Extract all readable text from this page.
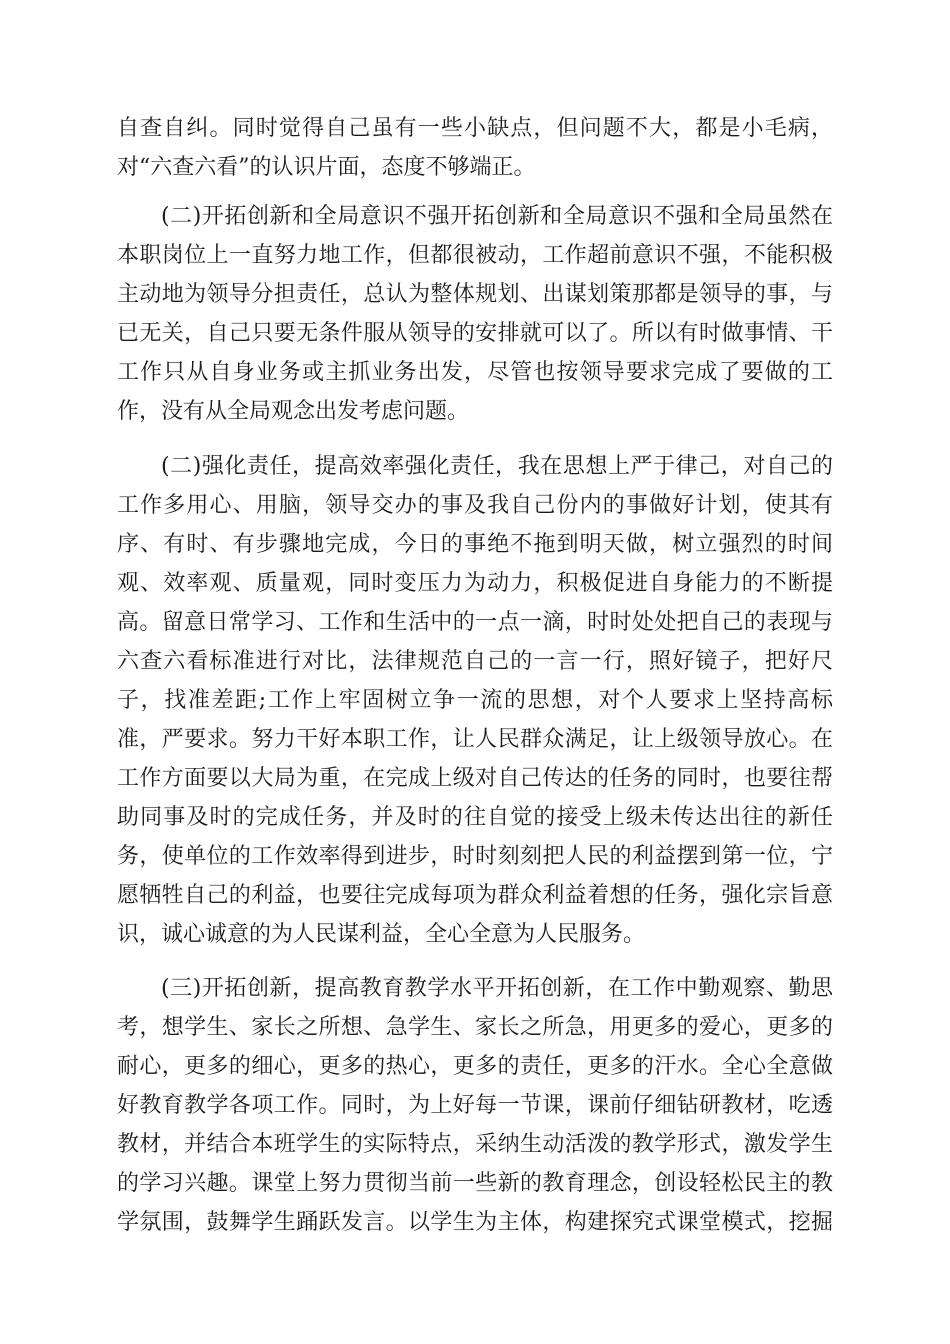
自查自纠。同时觉得自己虽有一些小缺点，但问题不大，都是小毛病，

对“六查六看”的认识片面，态度不够端正。

(二)开拓创新和全局意识不强开拓创新和全局意识不强和全局虽然在

本职岗位上一直努力地工作，但都很被动，工作超前意识不强，不能积极

主动地为领导分担责任，总认为整体规划、出谋划策那都是领导的事，与

已无关，自己只要无条件服从领导的安排就可以了。所以有时做事情、干

工作只从自身业务或主抓业务出发，尽管也按领导要求完成了要做的工

作，没有从全局观念出发考虑问题。

(二)强化责任，提高效率强化责任，我在思想上严于律己，对自己的

工作多用心、用脑，领导交办的事及我自己份内的事做好计划，使其有

序、有时、有步骤地完成，今日的事绝不拖到明天做，树立强烈的时间

观、效率观、质量观，同时变压力为动力，积极促进自身能力的不断提

高。留意日常学习、工作和生活中的一点一滴，时时处处把自己的表现与

六查六看标准进行对比，法律规范自己的一言一行，照好镜子，把好尺

子，找准差距;工作上牢固树立争一流的思想，对个人要求上坚持高标

准，严要求。努力干好本职工作，让人民群众满足，让上级领导放心。在

工作方面要以大局为重，在完成上级对自己传达的任务的同时，也要往帮

助同事及时的完成任务，并及时的往自觉的接受上级未传达出往的新任

务，使单位的工作效率得到进步，时时刻刻把人民的利益摆到第一位，宁

愿牺牲自己的利益，也要往完成每项为群众利益着想的任务，强化宗旨意

识，诚心诚意的为人民谋利益，全心全意为人民服务。

(三)开拓创新，提高教育教学水平开拓创新，在工作中勤观察、勤思

考，想学生、家长之所想、急学生、家长之所急，用更多的爱心，更多的

耐心，更多的细心，更多的热心，更多的责任，更多的汗水。全心全意做

好教育教学各项工作。同时，为上好每一节课，课前仔细钻研教材，吃透

教材，并结合本班学生的实际特点，采纳生动活泼的教学形式，激发学生

的学习兴趣。课堂上努力贯彻当前一些新的教育理念，创设轻松民主的教

学氛围，鼓舞学生踊跃发言。以学生为主体，构建探究式课堂模式，挖掘
